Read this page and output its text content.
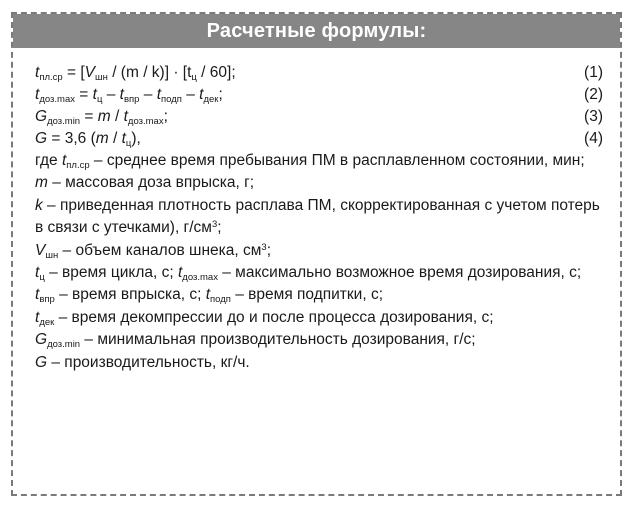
Расчетные формулы:
$t_{пл.ср} = [V_{шн} / (m / k)] \cdot [t_ц / 60]$;	(1)
$t_{доз.max} = t_ц - t_{впр} - t_{подп} - t_{дек}$;	(2)
$G_{доз.min} = m / t_{доз.max}$;	(3)
G = 3,6 $(m / t_ц)$,	(4)
где $t_{пл.ср}$ – среднее время пребывания ПМ в расплавленном состоянии, мин;
m – массовая доза впрыска, г;
k – приведенная плотность расплава ПМ, скорректированная с учетом потерь в связи с утечками), $г/см^3$;
$V_{шн}$ – объем каналов шнека, $см^3$;
$t_ц$ – время цикла, с; $t_{доз.max}$ – максимально возможное время дозирования, с; $t_{впр}$ – время впрыска, с; $t_{подп}$ – время подпитки, с;
$t_{дек}$ – время декомпрессии до и после процесса дозирования, с;
$G_{доз.min}$ – минимальная производительность дозирования, г/с;
G – производительность, кг/ч.
